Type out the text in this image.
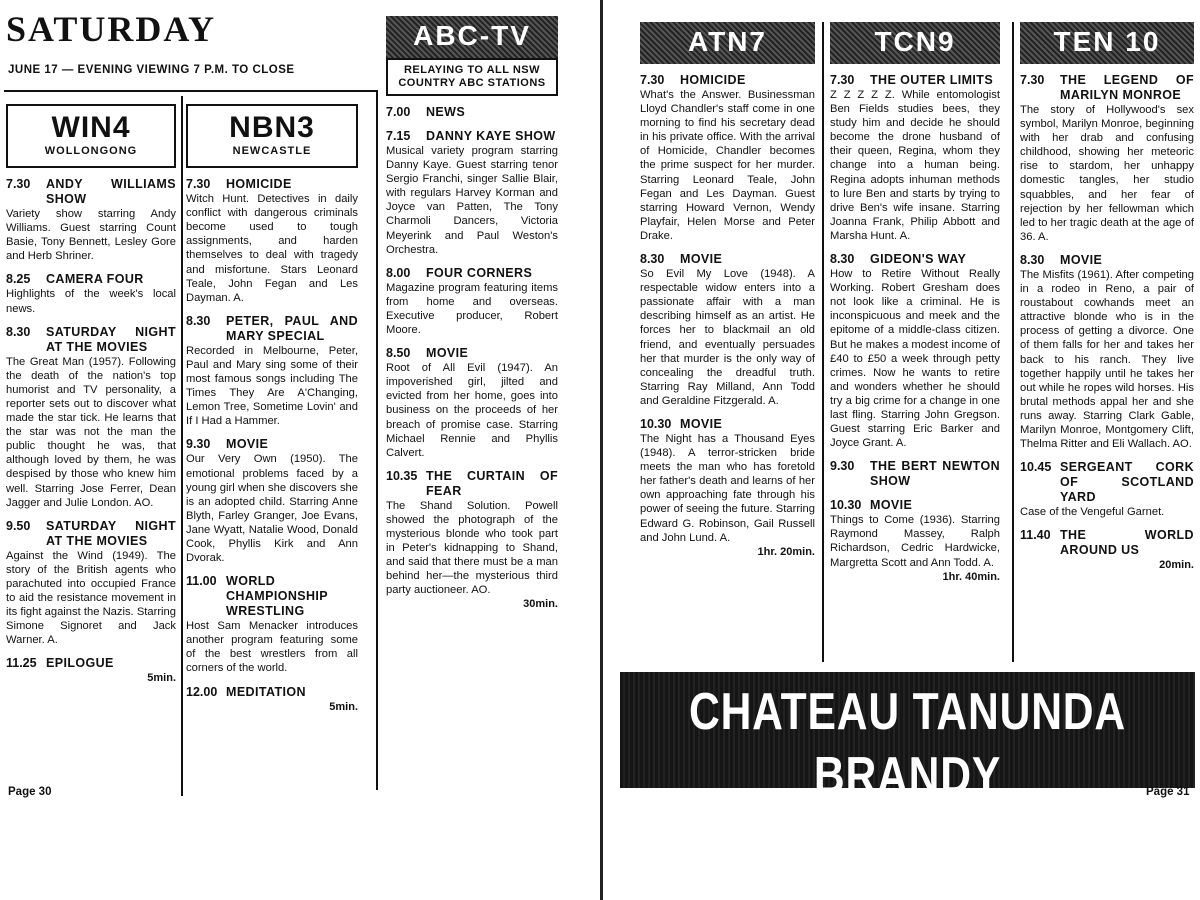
SATURDAY
JUNE 17 — EVENING VIEWING 7 P.M. TO CLOSE
WIN4
WOLLONGONG
7.30	ANDY WILLIAMS SHOW
Variety show starring Andy Williams. Guest starring Count Basie, Tony Bennett, Lesley Gore and Herb Shriner.
8.25	CAMERA FOUR
Highlights of the week's local news.
8.30	SATURDAY NIGHT AT THE MOVIES
The Great Man (1957). Following the death of the nation's top humorist and TV personality, a reporter sets out to discover what made the star tick. He learns that the star was not the man the public thought he was, that although loved by them, he was despised by those who knew him well. Starring Jose Ferrer, Dean Jagger and Julie London. AO.
9.50	SATURDAY NIGHT AT THE MOVIES
Against the Wind (1949). The story of the British agents who parachuted into occupied France to aid the resistance movement in its fight against the Nazis. Starring Simone Signoret and Jack Warner. A.
11.25 EPILOGUE
5min.
NBN3
NEWCASTLE
7.30	HOMICIDE
Witch Hunt. Detectives in daily conflict with dangerous criminals become used to tough assignments, and harden themselves to deal with tragedy and misfortune. Stars Leonard Teale, John Fegan and Les Dayman. A.
8.30	PETER, PAUL AND MARY SPECIAL
Recorded in Melbourne, Peter, Paul and Mary sing some of their most famous songs including The Times They Are A'Changing, Lemon Tree, Sometime Lovin' and If I Had a Hammer.
9.30	MOVIE
Our Very Own (1950). The emotional problems faced by a young girl when she discovers she is an adopted child. Starring Anne Blyth, Farley Granger, Joe Evans, Jane Wyatt, Natalie Wood, Donald Cook, Phyllis Kirk and Ann Dvorak.
11.00 WORLD CHAMPIONSHIP WRESTLING
Host Sam Menacker introduces another program featuring some of the best wrestlers from all corners of the world.
12.00 MEDITATION
5min.
ABC-TV
RELAYING TO ALL NSW COUNTRY ABC STATIONS
7.00	NEWS
7.15	DANNY KAYE SHOW
Musical variety program starring Danny Kaye. Guest starring tenor Sergio Franchi, singer Sallie Blair, with regulars Harvey Korman and Joyce van Patten, The Tony Charmoli Dancers, Victoria Meyerink and Paul Weston's Orchestra.
8.00	FOUR CORNERS
Magazine program featuring items from home and overseas. Executive producer, Robert Moore.
8.50	MOVIE
Root of All Evil (1947). An impoverished girl, jilted and evicted from her home, goes into business on the proceeds of her breach of promise case. Starring Michael Rennie and Phyllis Calvert.
10.35 THE CURTAIN OF FEAR
The Shand Solution. Powell showed the photograph of the mysterious blonde who took part in Peter's kidnapping to Shand, and said that there must be a man behind her—the mysterious third party auctioneer. AO.
30min.
Page 30
ATN7
7.30	HOMICIDE
What's the Answer. Businessman Lloyd Chandler's staff come in one morning to find his secretary dead in his private office. With the arrival of Homicide, Chandler becomes the prime suspect for her murder. Starring Leonard Teale, John Fegan and Les Dayman. Guest starring Howard Vernon, Wendy Playfair, Helen Morse and Peter Drake.
8.30	MOVIE
So Evil My Love (1948). A respectable widow enters into a passionate affair with a man describing himself as an artist. He forces her to blackmail an old friend, and eventually persuades her that murder is the only way of concealing the dreadful truth. Starring Ray Milland, Ann Todd and Geraldine Fitzgerald. A.
10.30 MOVIE
The Night has a Thousand Eyes (1948). A terror-stricken bride meets the man who has foretold her father's death and learns of her own approaching fate through his power of seeing the future. Starring Edward G. Robinson, Gail Russell and John Lund. A.
1hr. 20min.
TCN9
7.30	THE OUTER LIMITS
Z Z Z Z Z. While entomologist Ben Fields studies bees, they study him and decide he should become the drone husband of their queen, Regina, whom they change into a human being. Regina adopts inhuman methods to lure Ben and starts by trying to drive Ben's wife insane. Starring Joanna Frank, Philip Abbott and Marsha Hunt. A.
8.30	GIDEON'S WAY
How to Retire Without Really Working. Robert Gresham does not look like a criminal. He is inconspicuous and meek and the epitome of a middle-class citizen. But he makes a modest income of £40 to £50 a week through petty crimes. Now he wants to retire and wonders whether he should try a big crime for a change in one last fling. Starring John Gregson. Guest starring Eric Barker and Joyce Grant. A.
9.30	THE BERT NEWTON SHOW
10.30 MOVIE
Things to Come (1936). Starring Raymond Massey, Ralph Richardson, Cedric Hardwicke, Margretta Scott and Ann Todd. A.
1hr. 40min.
TEN 10
7.30	THE LEGEND OF MARILYN MONROE
The story of Hollywood's sex symbol, Marilyn Monroe, beginning with her drab and confusing childhood, showing her meteoric rise to stardom, her unhappy domestic tangles, her studio squabbles, and her fear of rejection by her fellowman which led to her tragic death at the age of 36. A.
8.30	MOVIE
The Misfits (1961). After competing in a rodeo in Reno, a pair of roustabout cowhands meet an attractive blonde who is in the process of getting a divorce. One of them falls for her and takes her back to his ranch. They live together happily until he takes her out while he ropes wild horses. His brutal methods appal her and she runs away. Starring Clark Gable, Marilyn Monroe, Montgomery Clift, Thelma Ritter and Eli Wallach. AO.
10.45 SERGEANT CORK OF SCOTLAND YARD
Case of the Vengeful Garnet.
11.40 THE WORLD AROUND US
20min.
CHATEAU TANUNDA BRANDY
The Brandy of Distinction
Page 31
